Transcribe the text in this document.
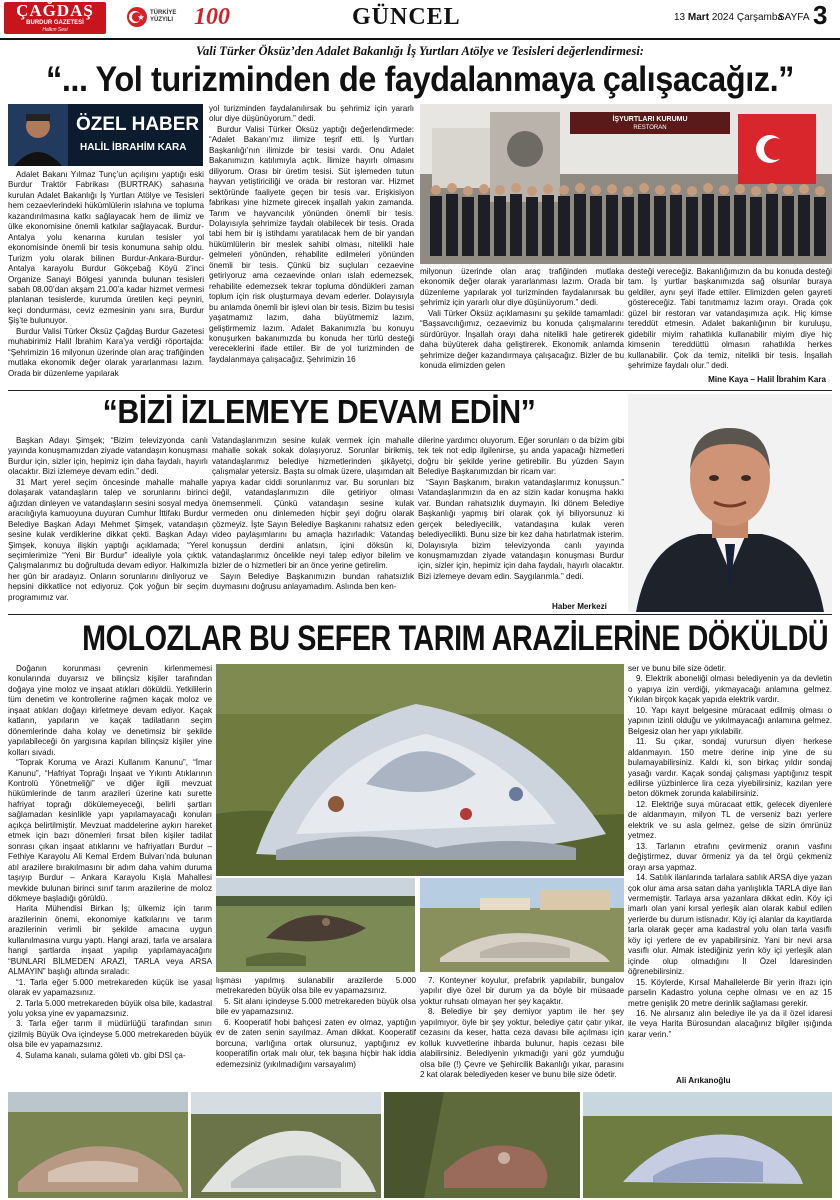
ÇAĞDAŞ
BURDUR GAZETESİ
Halkın Sesi
TÜRKİYE YÜZYILI 100	GÜNCEL	13 Mart 2024 Çarşamba
SAYFA 3
Vali Türker Öksüz’den Adalet Bakanlığı İş Yurtları Atölye ve Tesisleri değerlendirmesi:
“... Yol turizminden de faydalanmaya çalışacağız.”
ÖZEL HABER
HALİL İBRAHİM KARA

Adalet Bakanı Yılmaz Tunç’un açılışını yaptığı eski Burdur Traktör Fabrikası (BURTRAK) sahasına kurulan Adalet Bakanlığı İş Yurtları Atölye ve Tesisleri hem cezaevlerindeki hükümlülerin ıslahına ve topluma kazandırılmasına katkı sağlayacak hem de ilimiz ve ülke ekonomisine önemli katkılar sağlayacak. Burdur-Antalya yolu kenarına kurulan tesisler yol ekonomisinde önemli bir tesis konumuna sahip oldu. Turizm yolu olarak bilinen Burdur-Ankara-Burdur-Antalya karayolu Burdur Gökçebağ Köyü 2’inci Organize Sanayi Bölgesi yanında bulunan tesisleri sabah 08.00’dan akşam 21.00’a kadar hizmet vermesi planlanan tesislerde, kurumda üretilen keçi peyniri, keçi dondurması, ceviz ezmesinin yanı sıra, Burdur Şiş’te bulunuyor.

Burdur Valisi Türker Öksüz Çağdaş Burdur Gazetesi muhabirimiz Halil İbrahim Kara’ya verdiği röportajda: “Şehrimizin 16 milyonun üzerinde olan araç trafiğinden mutlaka ekonomik değer olarak yararlanması lazım. Orada bir düzenleme yapılarak

yol turizminden faydalanılırsak bu şehrimiz için yararlı olur diye düşünüyorum.” dedi.

Burdur Valisi Türker Öksüz yaptığı değerlendirmede: “Adalet Bakanı’mız ilimize teşrif etti. İş Yurtları Başkanlığı’nın ilimizde bir tesisi vardı. Onu Adalet Bakanımızın katılımıyla açtık. İlimize hayırlı olmasını diliyorum. Orası bir üretim tesisi. Süt işlemeden tutun hayvan yetiştiriciliği ve orada bir restoran var. Hizmet sektöründe faaliyete geçen bir tesis var. Erişkisiyon fabrikası yine hizmete girecek inşallah yakın zamanda. Tarım ve hayvancılık yönünden önemli bir tesis. Dolayısıyla şehrimize faydalı olabilecek bir tesis. Orada tabi hem bir iş istihdamı yaratılacak hem de bir yandan hükümlülerin bir meslek sahibi olması, nitelikli hale gelmeleri yönünden, rehabilite edilmeleri yönünden önemli bir tesis. Çünkü biz suçluları cezaevine getiriyoruz ama cezaevinde onları ıslah edemezsek, rehabilite edemezsek tekrar topluma döndükleri zaman toplum için risk oluşturmaya devam ederler. Dolayısıyla bu anlamda önemli bir işlevi olan bir tesis. Bizim bu tesisi yaşatmamız lazım, daha büyütmemiz lazım, geliştirmemiz lazım. Adalet Bakanımızla bu konuyu konuşurken bakanımızda bu konuda her türlü desteği vereceklerini ifade ettiler. Bir de yol turizminden de faydalanmaya çalışacağız. Şehrimizin 16

İŞYURTLARI KURUMU
RESTORAN

milyonun üzerinde olan araç trafiğinden mutlaka ekonomik değer olarak yararlanması lazım. Orada bir düzenleme yapılarak yol turizminden faydalanırsak bu şehrimiz için yararlı olur diye düşünüyorum.” dedi.

Vali Türker Öksüz açıklamasını şu şekilde tamamladı: “Başsavcılığımız, cezaevimiz bu konuda çalışmalarını sürdürüyor. İnşallah orayı daha nitelikli hale getirerek daha büyüterek daha geliştirerek. Ekonomik anlamda şehrimize değer kazandırmaya çalışacağız. Bizler de bu konuda elimizden gelen

desteği vereceğiz. Bakanlığımızın da bu konuda desteği tam. İş yurtlar başkanımızda sağ olsunlar buraya geldiler, aynı şeyi ifade ettiler. Elimizden gelen gayreti göstereceğiz. Tabi tanıtmamız lazım orayı. Orada çok güzel bir restoran var vatandaşımıza açık. Hiç kimse tereddüt etmesin. Adalet bakanlığının bir kuruluşu, gidebilir miyim rahatlıkla kullanabilir miyim diye hiç kimsenin tereddüttü olmasın rahatlıkla herkes kullanabilir. Çok da temiz, nitelikli bir tesis. İnşallah şehrimize faydalı olur.” dedi.

Mine Kaya – Halil İbrahim Kara
“BİZİ İZLEMEYE DEVAM EDİN”

Başkan Adayı Şimşek; “Bizim televizyonda canlı yayında konuşmamızdan ziyade vatandaşın konuşması Burdur için, sizler için, hepimiz için daha faydalı, hayırlı olacaktır. Bizi izlemeye devam edin.” dedi.

31 Mart yerel seçim öncesinde mahalle mahalle dolaşarak vatandaşların talep ve sorunlarını birinci ağızdan dinleyen ve vatandaşların sesini sosyal medya aracılığıyla kamuoyuna duyuran Cumhur İttifakı Burdur Belediye Başkan Adayı Mehmet Şimşek, vatandaşın sesine kulak verdiklerine dikkat çekti. Başkan Adayı Şimşek, konuya ilişkin yaptığı açıklamada; “Yerel seçimlerimize “Yeni Bir Burdur” idealiyle yola çıktık. Çalışmalarımız bu doğrultuda devam ediyor. Halkımızla her gün bir aradayız. Onların sorunlarını dinliyoruz ve hepsini dikkatlice not ediyoruz. Çok yoğun bir seçim programımız var.

Vatandaşlarımızın sesine kulak vermek için mahalle mahalle sokak sokak dolaşıyoruz. Sorunlar birikmiş, vatandaşlarımız belediye hizmetlerinden şikâyetçi, çalışmalar yetersiz. Başta su olmak üzere, ulaşımdan alt yapıya kadar ciddi sorunlarımız var. Bu sorunları biz değil, vatandaşlarımızın dile getiriyor olması önemsenmeli. Çünkü vatandaşın sesine kulak vermeden onu dinlemeden hiçbir şeyi doğru olarak çözmeyiz. İşte Sayın Belediye Başkanını rahatsız eden video paylaşımlarını bu amaçla hazırladık: Vatandaş konuşsun derdini anlatsın, içini döksün ki, vatandaşlarımız öncelikle neyi talep ediyor bilelim ve bizler de o hizmetleri bir an önce yerine getirelim.

Sayın Belediye Başkanımızın bundan rahatsızlık duymasını doğrusu anlayamadım. Aslında ben ken-

dilerine yardımcı oluyorum. Eğer sorunları o da bizim gibi tek tek not edip ilgilenirse, şu anda yapacağı hizmetleri doğru bir şekilde yerine getirebilir. Bu yüzden Sayın Belediye Başkanımızdan bir ricam var:

“Sayın Başkanım, bırakın vatandaşlarımız konuşsun.” Vatandaşlarımızın da en az sizin kadar konuşma hakkı var. Bundan rahatsızlık duymayın. İki dönem Belediye Başkanlığı yapmış biri olarak çok iyi biliyorsunuz ki gerçek belediyecilik, vatandaşına kulak veren belediyecilikti. Bunu size bir kez daha hatırlatmak isterim. Dolayısıyla bizim televizyonda canlı yayında konuşmamızdan ziyade vatandaşın konuşması Burdur için, sizler için, hepimiz için daha faydalı, hayırlı olacaktır. Bizi izlemeye devam edin. Saygılarımla.” dedi.

Haber Merkezi
MOLOZLAR BU SEFER TARIM ARAZİLERİNE DÖKÜLDÜ

Doğanın korunması çevrenin kirlenmemesi konularında duyarsız ve bilinçsiz kişiler tarafından doğaya yine moloz ve inşaat atıkları döküldü. Yetkililerin tüm denetim ve kontrollerine rağmen kaçak moloz ve inşaat atıkları doğayı kirletmeye devam ediyor. Kaçak katların, yapıların ve kaçak tadilatların seçim dönemlerinde daha kolay ve denetimsiz bir şekilde yapılabileceği ön yargısına kapılan bilinçsiz kişiler yine kolları sıvadı.

“Toprak Koruma ve Arazi Kullanım Kanunu”, “İmar Kanunu”, “Hafriyat Toprağı İnşaat ve Yıkıntı Atıklarının Kontrolü Yönetmeliği” ve diğer ilgili mevzuat hükümlerinde de tarım arazileri üzerine katı surette hafriyat toprağı dökülemeyeceği, belirli şartları sağlamadan kesinlikle yapı yapılamayacağı konuları açıkça belirtilmiştir. Mevzuat maddelerine aykırı hareket etmek için bazı dönemleri fırsat bilen kişiler tadilat sonrası çıkan inşaat atıklarını ve hafriyatları Burdur – Fethiye Karayolu Ali Kemal Erdem Bulvarı’nda bulunan atıl arazilere bırakılmasını bir adım daha vahim duruma taşıyıp Burdur – Ankara Karayolu Kışla Mahallesi mevkide bulunan birinci sınıf tarım arazilerine de moloz dökmeye başladığı görüldü.

Harita Mühendisi Birkan İş; ülkemiz için tarım arazilerinin önemi, ekonomiye katkılarını ve tarım arazilerinin verimli bir şekilde amacına uygun kullanılmasına vurgu yaptı. Hangi arazi, tarla ve arsalara hangi şartlarda inşaat yapılıp yapılamayacağını “BUNLARI BİLMEDEN ARAZİ, TARLA veya ARSA ALMAYIN” başlığı altında sıraladı:

“1. Tarla eğer 5.000 metrekareden küçük ise yasal olarak ev yapamazsınız.

2. Tarla 5.000 metrekareden büyük olsa bile, kadastral yolu yoksa yine ev yapamazsınız.

3. Tarla eğer tarım il müdürlüğü tarafından sınırı çizilmiş Büyük Ova içindeyse 5.000 metrekareden büyük olsa bile ev yapamazsınız.

4. Sulama kanalı, sulama göleti vb. gibi DSİ ça-

lışması yapılmış sulanabilir arazilerde 5.000 metrekareden büyük olsa bile ev yapamazsınız.

5. Sit alanı içindeyse 5.000 metrekareden büyük olsa bile ev yapamazsınız.

6. Kooperatif hobi bahçesi zaten ev olmaz, yaptığın ev de zaten senin sayılmaz. Aman dikkat. Kooperatif borcuna, varlığına ortak olursunuz, yaptığınız ev kooperatifin ortak malı olur, tek başına hiçbir hak iddia edemezsiniz (yıkılmadığını varsayalım)

7. Konteyner koyulur, prefabrik yapılabilir, bungalov yapılır diye özel bir durum ya da böyle bir müsaade yoktur ruhsatı olmayan her şey kaçaktır.

8. Belediye bir şey demiyor yaptım ile her şey yapılmıyor, öyle bir şey yoktur, belediye çatır çatır yıkar, cezasını da keser, hatta ceza davası bile açılması için kolluk kuvvetlerine ihbarda bulunur, hapis cezası bile alabilirsiniz. Belediyenin yıkmadığı yani göz yumduğu olsa bile (!) Çevre ve Şehircilik Bakanlığı yıkar, parasını 2 kat olarak belediyeden keser ve bunu bile size ödetir.

ser ve bunu bile size ödetir.

9. Elektrik aboneliği olması belediyenin ya da devletin o yapıya izin verdiği, yıkmayacağı anlamına gelmez. Yıkılan birçok kaçak yapıda elektrik vardır.

10. Yapı kayıt belgesine müracaat edilmiş olması o yapının izinli olduğu ve yıkılmayacağı anlamına gelmez. Belgesiz olan her yapı yıkılabilir.

11. Su çıkar, sondaj vurursun diyen herkese aldanmayın. 150 metre derine inip yine de su bulamayabilirsiniz. Kaldı ki, son birkaç yıldır sondaj yasağı vardır. Kaçak sondaj çalışması yaptığınız tespit edilirse yüzbinlerce lira ceza yiyebilirsiniz, kazılan yere beton dökmek zorunda kalabilirsiniz.

12. Elektriğe suya müracaat ettik, gelecek diyenlere de aldanmayın, milyon TL de verseniz bazı yerlere elektrik ve su asla gelmez, gelse de sizin ömrünüz yetmez.

13. Tarlanın etrafını çevirmeniz oranın vasfını değiştirmez, duvar örmeniz ya da tel örgü çekmeniz orayı arsa yapmaz.

14. Satılık ilanlarında tarlalara satılık ARSA diye yazan çok olur ama arsa satan daha yanlışlıkla TARLA diye ilan vermemiştir. Tarlaya arsa yazanlara dikkat edin. Köy içi imarlı olan yani kırsal yerleşik alan olarak kabul edilen yerlerde bu durum istisnadır. Köy içi alanlar da kayıtlarda tarla olarak geçer ama kadastral yolu olan tarla vasıflı köy içi yerlere de ev yapabilirsiniz. Yani bir nevi arsa vasıflı olur. Almak istediğiniz yerin köy içi yerleşik alan içinde olup olmadığını İl Özel İdaresinden öğrenebilirsiniz.

15. Köylerde, Kırsal Mahallelerde Bir yerin ifrazı için parselin Kadastro yoluna cephe olması ve en az 15 metre genişlik 20 metre derinlik sağlaması gerekir.

16. Ne alırsanız alın belediye ile ya da il özel idaresi ile veya Harita Bürosundan alacağınız bilgiler ışığında karar verin.”

Ali Arıkanoğlu
